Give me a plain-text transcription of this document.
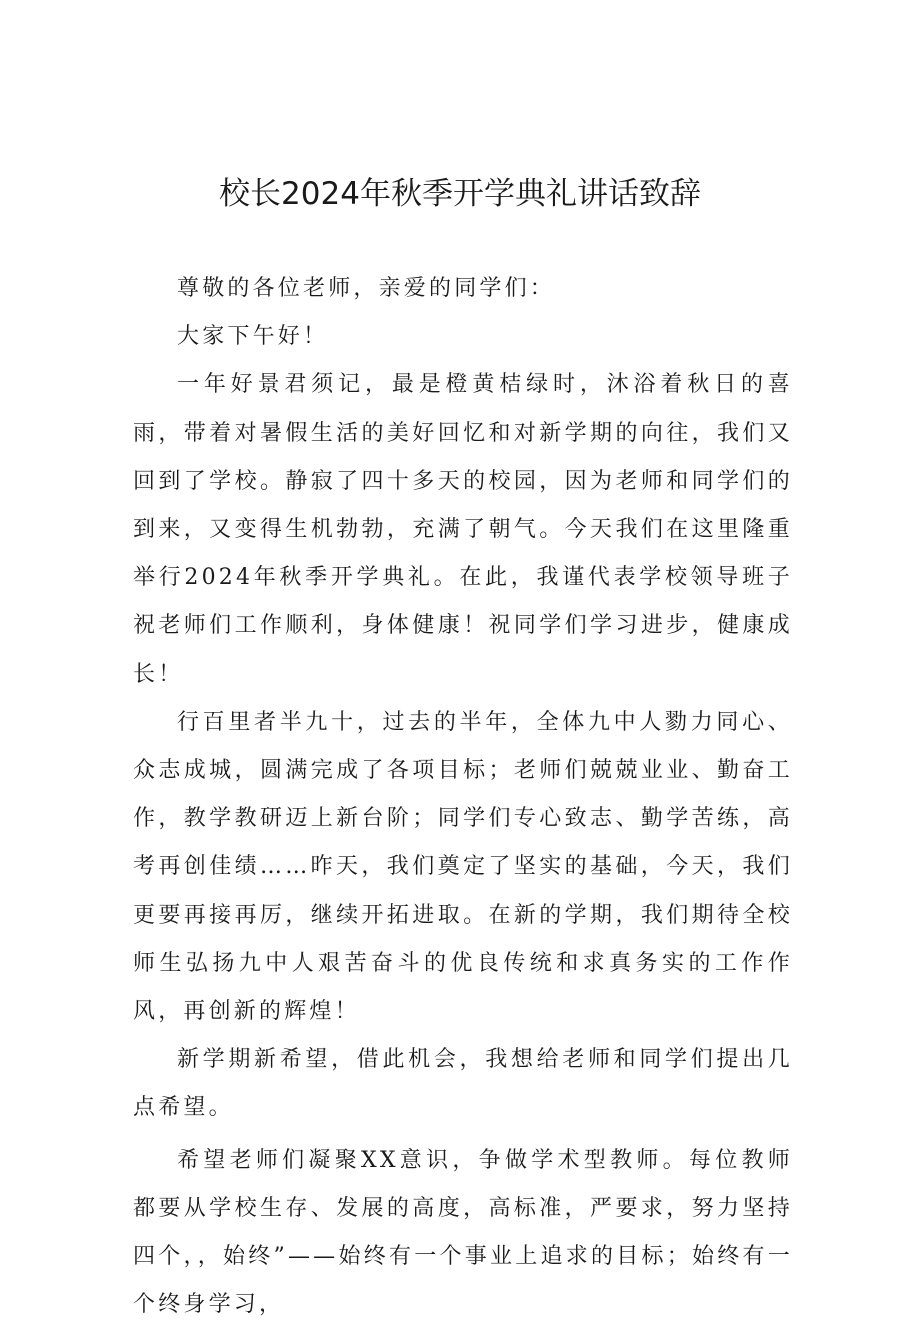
校长2024年秋季开学典礼讲话致辞

尊敬的各位老师，亲爱的同学们：

大家下午好！

一年好景君须记，最是橙黄桔绿时，沐浴着秋日的喜雨，带着对暑假生活的美好回忆和对新学期的向往，我们又回到了学校。静寂了四十多天的校园，因为老师和同学们的到来，又变得生机勃勃，充满了朝气。今天我们在这里隆重举行2024年秋季开学典礼。在此，我谨代表学校领导班子祝老师们工作顺利，身体健康！祝同学们学习进步，健康成长！

行百里者半九十，过去的半年，全体九中人勠力同心、众志成城，圆满完成了各项目标；老师们兢兢业业、勤奋工作，教学教研迈上新台阶；同学们专心致志、勤学苦练，高考再创佳绩……昨天，我们奠定了坚实的基础，今天，我们更要再接再厉，继续开拓进取。在新的学期，我们期待全校师生弘扬九中人艰苦奋斗的优良传统和求真务实的工作作风，再创新的辉煌！

新学期新希望，借此机会，我想给老师和同学们提出几点希望。

希望老师们凝聚XX意识，争做学术型教师。每位教师都要从学校生存、发展的高度，高标准，严要求，努力坚持四个，，始终”——始终有一个事业上追求的目标；始终有一个终身学习，
